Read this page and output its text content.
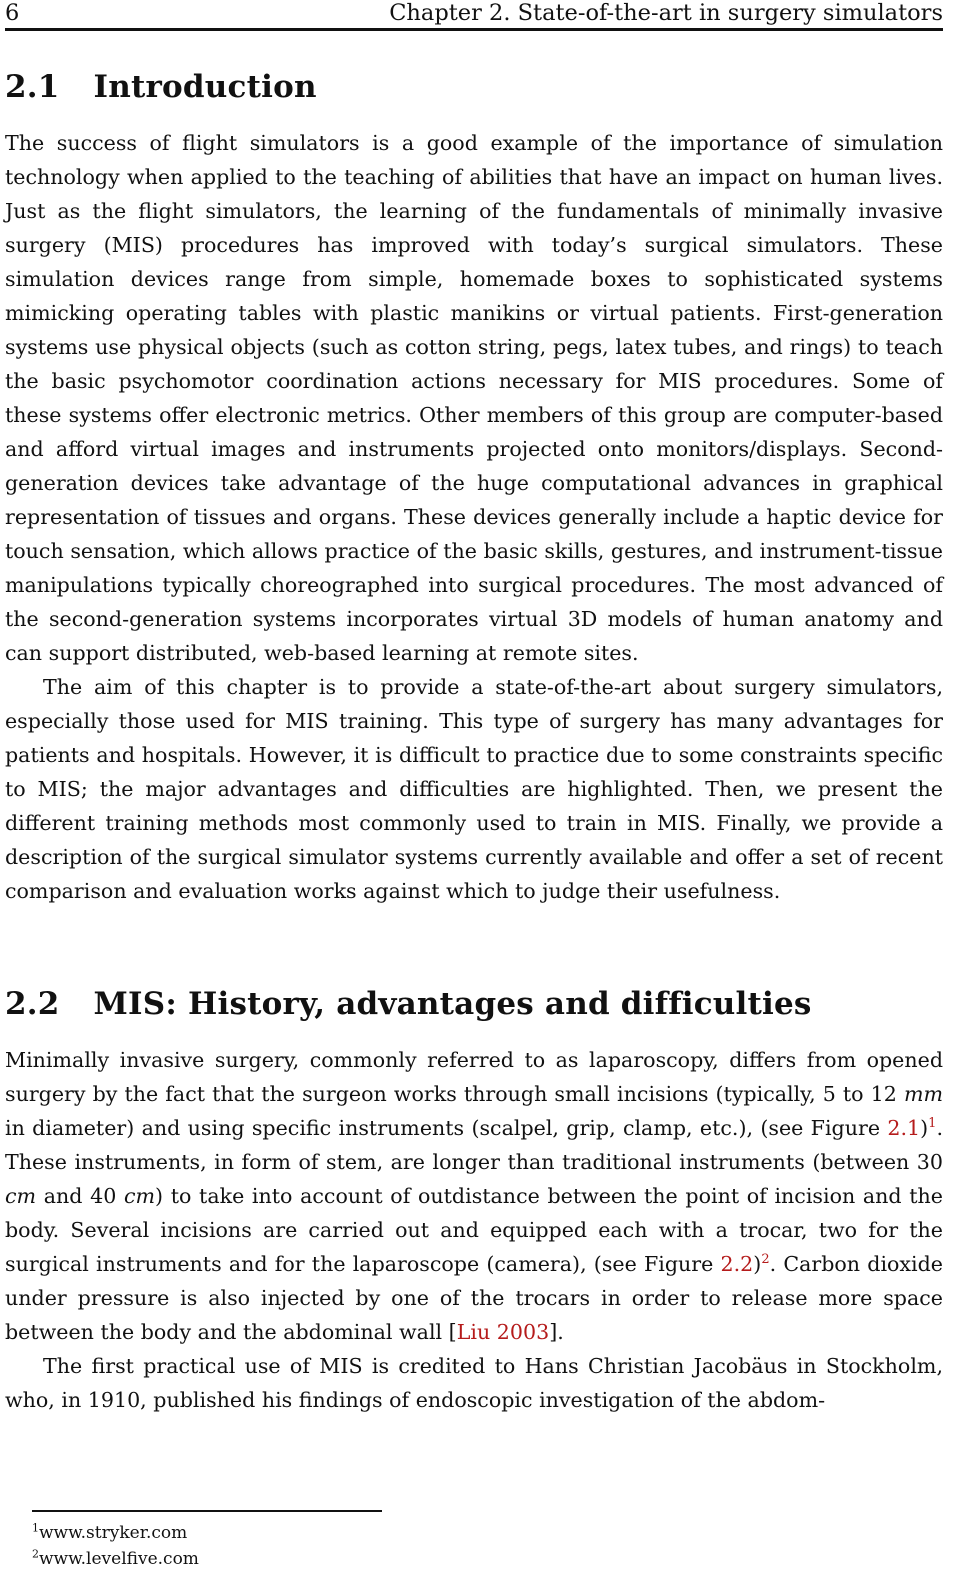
6	Chapter 2. State-of-the-art in surgery simulators
2.1 Introduction

The success of flight simulators is a good example of the importance of simulation technology when applied to the teaching of abilities that have an impact on human lives. Just as the flight simulators, the learning of the fundamentals of minimally invasive surgery (MIS) procedures has improved with today’s surgical simulators. These simulation devices range from simple, homemade boxes to sophisticated systems mimicking operating tables with plastic manikins or virtual patients. First-generation systems use physical objects (such as cotton string, pegs, latex tubes, and rings) to teach the basic psychomotor coordination actions necessary for MIS procedures. Some of these systems offer electronic metrics. Other members of this group are computer-based and afford virtual images and instruments projected onto monitors/displays. Second-generation devices take advantage of the huge computational advances in graphical representation of tissues and organs. These devices generally include a haptic device for touch sensation, which allows practice of the basic skills, gestures, and instrument-tissue manipulations typically choreographed into surgical procedures. The most advanced of the second-generation systems incorporates virtual 3D models of human anatomy and can support distributed, web-based learning at remote sites.

The aim of this chapter is to provide a state-of-the-art about surgery simulators, especially those used for MIS training. This type of surgery has many advantages for patients and hospitals. However, it is difficult to practice due to some constraints specific to MIS; the major advantages and difficulties are highlighted. Then, we present the different training methods most commonly used to train in MIS. Finally, we provide a description of the surgical simulator systems currently available and offer a set of recent comparison and evaluation works against which to judge their usefulness.

2.2 MIS: History, advantages and difficulties

Minimally invasive surgery, commonly referred to as laparoscopy, differs from opened surgery by the fact that the surgeon works through small incisions (typically, 5 to 12 mm in diameter) and using specific instruments (scalpel, grip, clamp, etc.), (see Figure 2.1)$^1$. These instruments, in form of stem, are longer than traditional instruments (between 30 cm and 40 cm) to take into account of outdistance between the point of incision and the body. Several incisions are carried out and equipped each with a trocar, two for the surgical instruments and for the laparoscope (camera), (see Figure 2.2)$^2$. Carbon dioxide under pressure is also injected by one of the trocars in order to release more space between the body and the abdominal wall [Liu 2003].

The first practical use of MIS is credited to Hans Christian Jacobäus in Stockholm, who, in 1910, published his findings of endoscopic investigation of the abdom-

$^1$www.stryker.com
$^2$www.levelfive.com
